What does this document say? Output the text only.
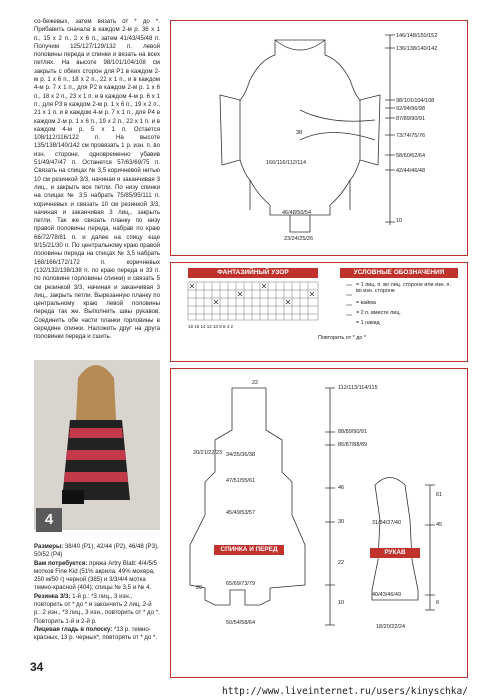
со-бежевых, затем вязать от * до *. Прибавить сначала в каждом 2-м р. 36 x 1 п., 15 x 2 п., 2 x 6 п., затем 41/43/45/48 п. Получим 125/127/129/132 п. левой половины переда и спинки и вязать на всех петлях. На высоте 98/101/104/108 см закрыть с обеих сторон для P1 в каждом 2-м р. 1 x 6 п., 18 x 2 п., 22 x 1 п., и в каждом 4-м р. 7 x 1 п., для P2 в каждом 2-м р. 1 x 6 п., 18 x 2 п., 23 x 1 п. и в каждом 4-м р. 6 x 1 п., для P3 в каждом 2-м р. 1 x 6 п., 19 x 2 п., 21 x 1 п. и в каждом 4-м р. 7 x 1 п., для P4 в каждом 2-м р. 1 x 6 п., 19 x 2 п., 22 x 1 п. и в каждом 4-м р. 5 x 1 п. Остается 108/112/116/122 п. На высоте 135/138/140/142 см провязать 1 р. изн. п. во изн. стороне, одновременно убавив 51/49/47/47 п. Останется 57/63/69/75 п. Связать на спицах № 3,5 коричневой нитью 10 см резинкой 3/3, начиная и заканчивая 3 лиц., и закрыть все петли. По низу спинки на спицах № 3,5 набрать 75/85/95/111 п. коричневых и связать 10 см резинкой 3/3, начиная и заканчивая 3 лиц., закрыть петли. Так же связать планку по низу правой половины переда, набрав по краю 66/72/78/81 п. и далее на спицу еще 9/15/21/30 п. По центральному краю правой половины переда на спицах № 3,5 набрать 168/166/172/172 п. коричневых (132/132/138/138 п. по краю переда и 33 п. по половине горловины спинки) и связать 5 см резинкой 3/3, начиная и заканчивая 3 лиц., закрыть петли. Вырезанную планку по центральному краю левой половины переда так же. Выполнить швы рукавов. Соединить обе части планки горловины в середине спинки. Наложить друг на друга половинки переда и сшить.

4
146/148/150/152
136/138/140/142
98/101/104/108
92/94/96/98
87/89/90/91
73/74/75/76
58/60/62/64
42/44/46/48
10
46/48/50/54
23/24/25/26
166/116/112/114
38
ФАНТАЗИЙНЫЙ УЗОР	УСЛОВНЫЕ ОБОЗНАЧЕНИЯ
= 1 лиц. п. во лиц. стороне или изн. п. во изн. стороне
= кайма
= 2 п. вместе лиц.
= 1 накид
Повторить от * до *
18 16 14 12 10 8 6 4 2
22
112/113/114/115
88/89/90/91
86/87/88/89
34/35/36/38
20/21/22/23
47/51/55/61
45/49/53/57
65/69/73/79
50/54/58/64
46
30
22
10
31/34/37/40
40/43/46/49
18/20/22/24
61
45
6
20
СПИНКА И ПЕРЕД	РУКАВ

Размеры: 38/40 (P1), 42/44 (P2), 46/48 (P3), 50/52 (P4)

Вам потребуется: пряжа Artry Blatt: 4/4/5/5 мотков Fine Kid (51% акрила, 49% мохера, 250 м/50 г) черной (385) и 3/3/4/4 мотка темно-красной (404); спицы № 3,5 и № 4.

Резинка 3/3: 1-й р.: *3 лиц., 3 изн., повторить от * до * и закончить 2 лиц. 2-й р.: 2 изн., *3 лиц., 3 изн., повторить от * до *. Повторить 1-й и 2-й р.

Лицевая гладь в полоску: *13 р. темно-красных, 13 р. черных*, повторять от * до *.

34
http://www.liveinternet.ru/users/kinyschka/
